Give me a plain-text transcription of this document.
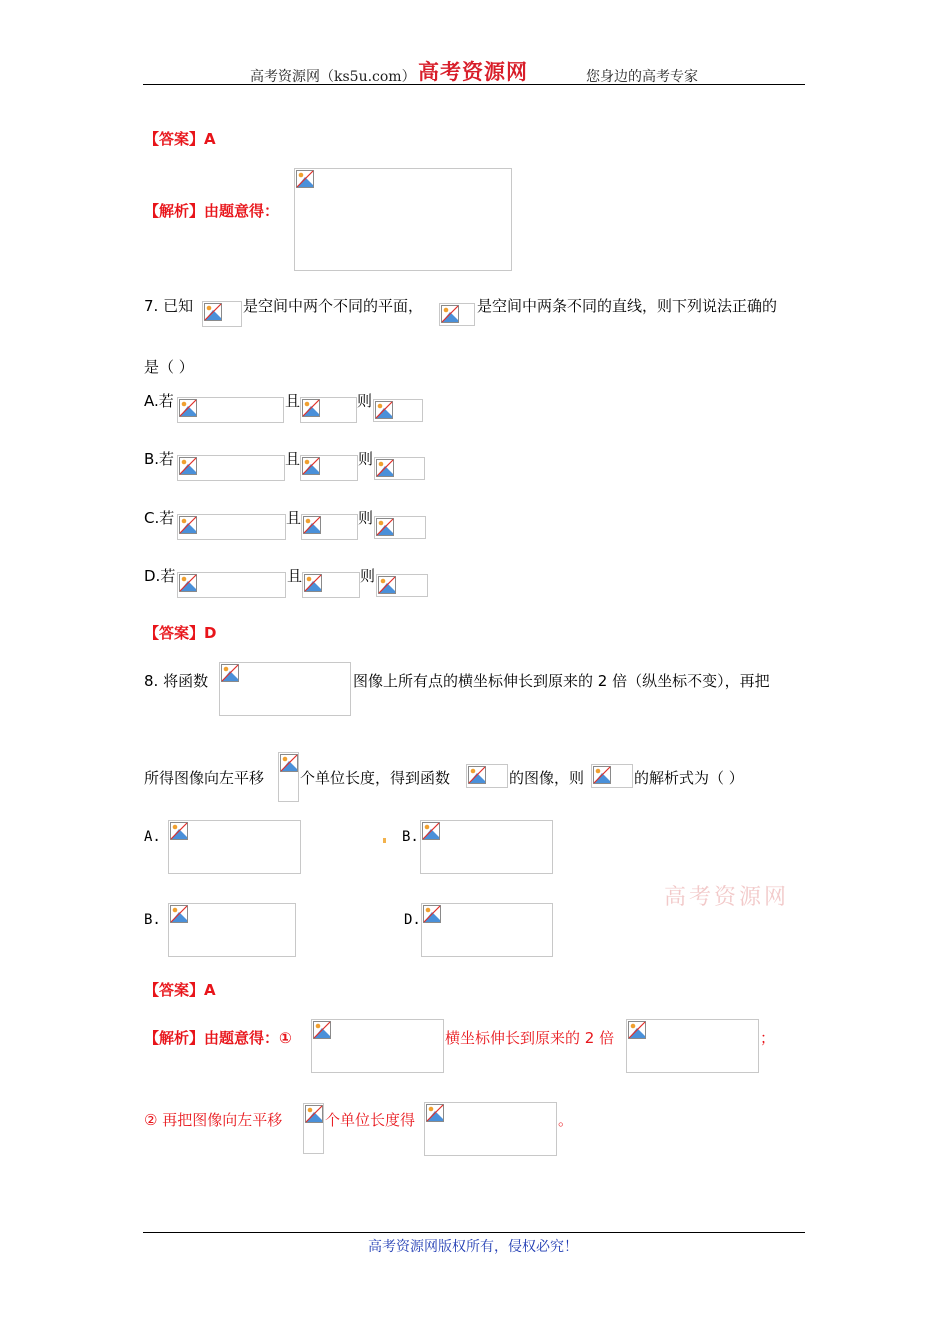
高考资源网（ks5u.com） 高考资源网	您身边的高考专家
【答案】A
【解析】由题意得：
7. 已知	是空间中两个不同的平面，	是空间中两条不同的直线，则下列说法正确的
是（ ）
A.若	且	则
B.若	且	则
C.若	且	则
D.若	且	则
【答案】D
8. 将函数	图像上所有点的横坐标伸长到原来的 2 倍（纵坐标不变），再把
所得图像向左平移 个单位长度，得到函数	的图像，则	的解析式为（ ）
A.	B.
高考资源网
B.	D.
【答案】A
【解析】由题意得：①	横坐标伸长到原来的 2 倍	；
② 再把图像向左平移	个单位长度得	。
高考资源网版权所有，侵权必究！
